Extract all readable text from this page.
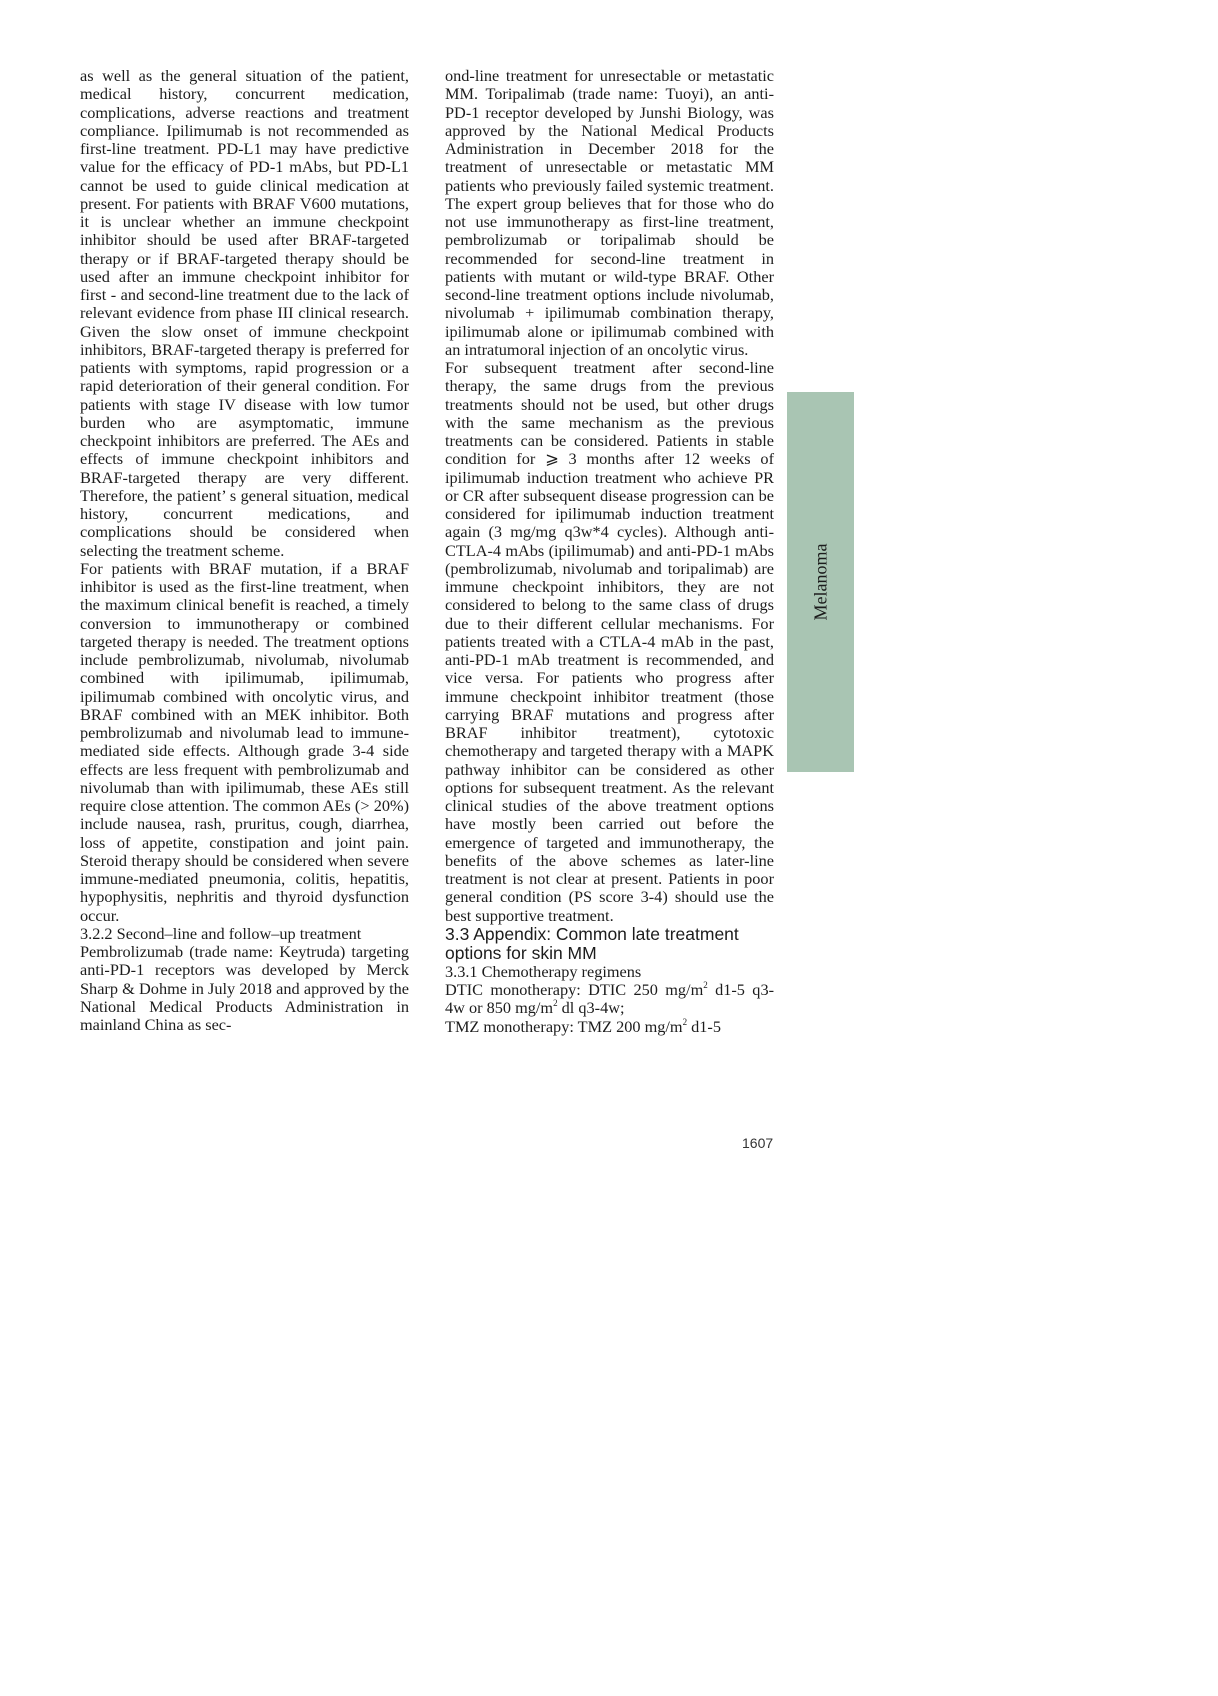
as well as the general situation of the patient, medical history, concurrent medication, complications, adverse reactions and treatment compliance. Ipilimumab is not recommended as first-line treatment. PD-L1 may have predictive value for the efficacy of PD-1 mAbs, but PD-L1 cannot be used to guide clinical medication at present. For patients with BRAF V600 mutations, it is unclear whether an immune checkpoint inhibitor should be used after BRAF-targeted therapy or if BRAF-targeted therapy should be used after an immune checkpoint inhibitor for first - and second-line treatment due to the lack of relevant evidence from phase III clinical research. Given the slow onset of immune checkpoint inhibitors, BRAF-targeted therapy is preferred for patients with symptoms, rapid progression or a rapid deterioration of their general condition. For patients with stage IV disease with low tumor burden who are asymptomatic, immune checkpoint inhibitors are preferred. The AEs and effects of immune checkpoint inhibitors and BRAF-targeted therapy are very different. Therefore, the patient’ s general situation, medical history, concurrent medications, and complications should be considered when selecting the treatment scheme.

For patients with BRAF mutation, if a BRAF inhibitor is used as the first-line treatment, when the maximum clinical benefit is reached, a timely conversion to immunotherapy or combined targeted therapy is needed. The treatment options include pembrolizumab, nivolumab, nivolumab combined with ipilimumab, ipilimumab, ipilimumab combined with oncolytic virus, and BRAF combined with an MEK inhibitor. Both pembrolizumab and nivolumab lead to immune-mediated side effects. Although grade 3-4 side effects are less frequent with pembrolizumab and nivolumab than with ipilimumab, these AEs still require close attention. The common AEs (> 20%) include nausea, rash, pruritus, cough, diarrhea, loss of appetite, constipation and joint pain. Steroid therapy should be considered when severe immune-mediated pneumonia, colitis, hepatitis, hypophysitis, nephritis and thyroid dysfunction occur.

3.2.2 Second–line and follow–up treatment

Pembrolizumab (trade name: Keytruda) targeting anti-PD-1 receptors was developed by Merck Sharp & Dohme in July 2018 and approved by the National Medical Products Administration in mainland China as sec-

ond-line treatment for unresectable or metastatic MM. Toripalimab (trade name: Tuoyi), an anti-PD-1 receptor developed by Junshi Biology, was approved by the National Medical Products Administration in December 2018 for the treatment of unresectable or metastatic MM patients who previously failed systemic treatment. The expert group believes that for those who do not use immunotherapy as first-line treatment, pembrolizumab or toripalimab should be recommended for second-line treatment in patients with mutant or wild-type BRAF. Other second-line treatment options include nivolumab, nivolumab + ipilimumab combination therapy, ipilimumab alone or ipilimumab combined with an intratumoral injection of an oncolytic virus.

For subsequent treatment after second-line therapy, the same drugs from the previous treatments should not be used, but other drugs with the same mechanism as the previous treatments can be considered. Patients in stable condition for ⩾ 3 months after 12 weeks of ipilimumab induction treatment who achieve PR or CR after subsequent disease progression can be considered for ipilimumab induction treatment again (3 mg/mg q3w*4 cycles). Although anti-CTLA-4 mAbs (ipilimumab) and anti-PD-1 mAbs (pembrolizumab, nivolumab and toripalimab) are immune checkpoint inhibitors, they are not considered to belong to the same class of drugs due to their different cellular mechanisms. For patients treated with a CTLA-4 mAb in the past, anti-PD-1 mAb treatment is recommended, and vice versa. For patients who progress after immune checkpoint inhibitor treatment (those carrying BRAF mutations and progress after BRAF inhibitor treatment), cytotoxic chemotherapy and targeted therapy with a MAPK pathway inhibitor can be considered as other options for subsequent treatment. As the relevant clinical studies of the above treatment options have mostly been carried out before the emergence of targeted and immunotherapy, the benefits of the above schemes as later-line treatment is not clear at present. Patients in poor general condition (PS score 3-4) should use the best supportive treatment.

3.3 Appendix: Common late treatment options for skin MM

3.3.1 Chemotherapy regimens

DTIC monotherapy: DTIC 250 $mg/m^2$ d1-5 q3-4w or 850 $mg/m^2$ dl q3-4w;

TMZ monotherapy: TMZ 200 $mg/m^2$ d1-5

Melanoma
1607
